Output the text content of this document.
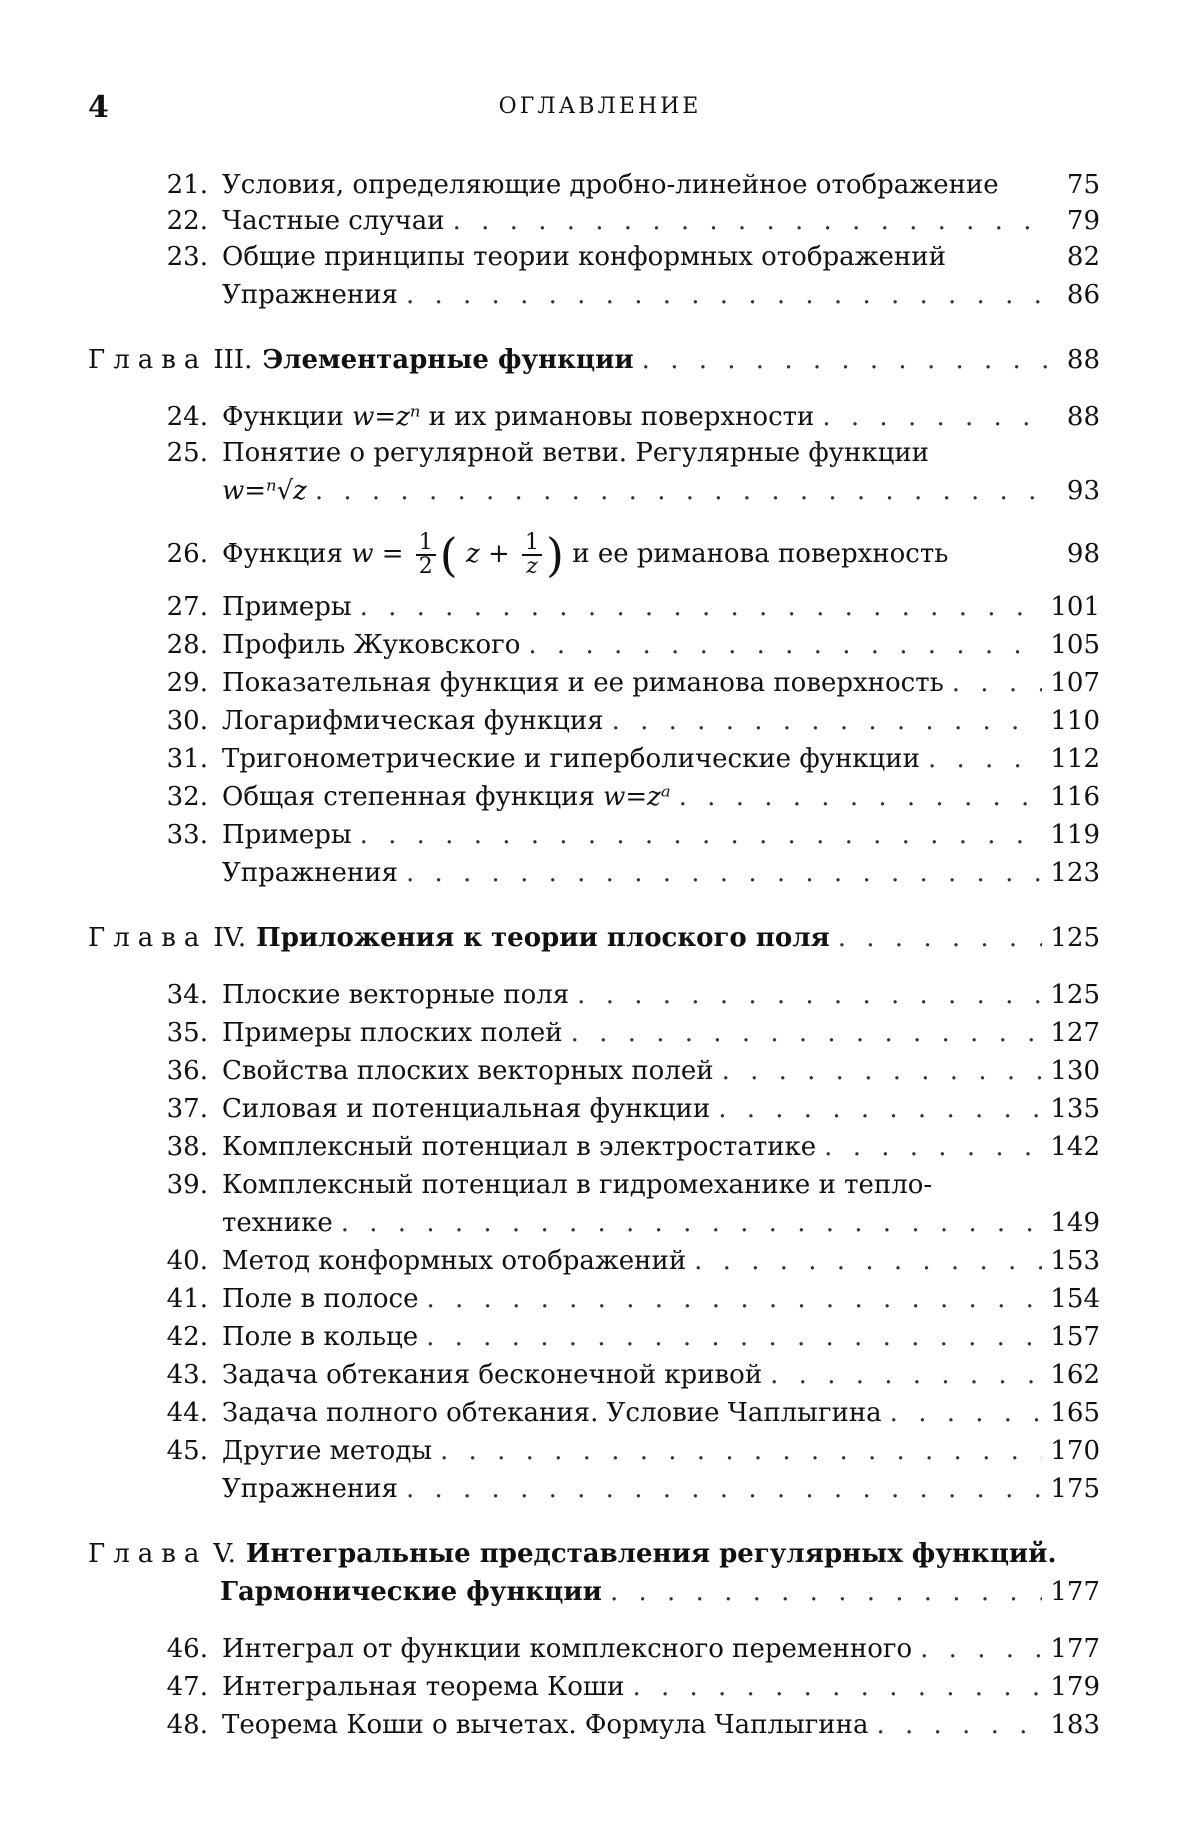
4	ОГЛАВЛЕНИЕ
21. Условия, определяющие дробно-линейное отображение	75
22. Частные случаи . . .	79
23. Общие принципы теории конформных отображений	82
Упражнения . . .	86
Глава III. Элементарные функции . . .	88
24. Функции w=zⁿ и их римановы поверхности . . .	88
25. Понятие о регулярной ветви. Регулярные функции
w=ⁿ√z . . .	93
26. Функция $w = \frac{1}{2}$ ( $z + \frac{1}{z}$ ) и ее риманова поверхность	98
27. Примеры . . .	101
28. Профиль Жуковского . . .	105
29. Показательная функция и ее риманова поверхность . . .	107
30. Логарифмическая функция . . .	110
31. Тригонометрические и гиперболические функции . . .	112
32. Общая степенная функция w=zᵃ . . .	116
33. Примеры . . .	119
Упражнения . . .	123
Глава IV. Приложения к теории плоского поля . . .	125
34. Плоские векторные поля . . .	125
35. Примеры плоских полей . . .	127
36. Свойства плоских векторных полей . . .	130
37. Силовая и потенциальная функции . . .	135
38. Комплексный потенциал в электростатике . . .	142
39. Комплексный потенциал в гидромеханике и тепло-
технике . . .	149
40. Метод конформных отображений . . .	153
41. Поле в полосе . . .	154
42. Поле в кольце . . .	157
43. Задача обтекания бесконечной кривой . . .	162
44. Задача полного обтекания. Условие Чаплыгина . . .	165
45. Другие методы . . .	170
Упражнения . . .	175
Глава V. Интегральные представления регулярных функций.
Гармонические функции . . .	177
46. Интеграл от функции комплексного переменного . . .	177
47. Интегральная теорема Коши . . .	179
48. Теорема Коши о вычетах. Формула Чаплыгина . . .	183
